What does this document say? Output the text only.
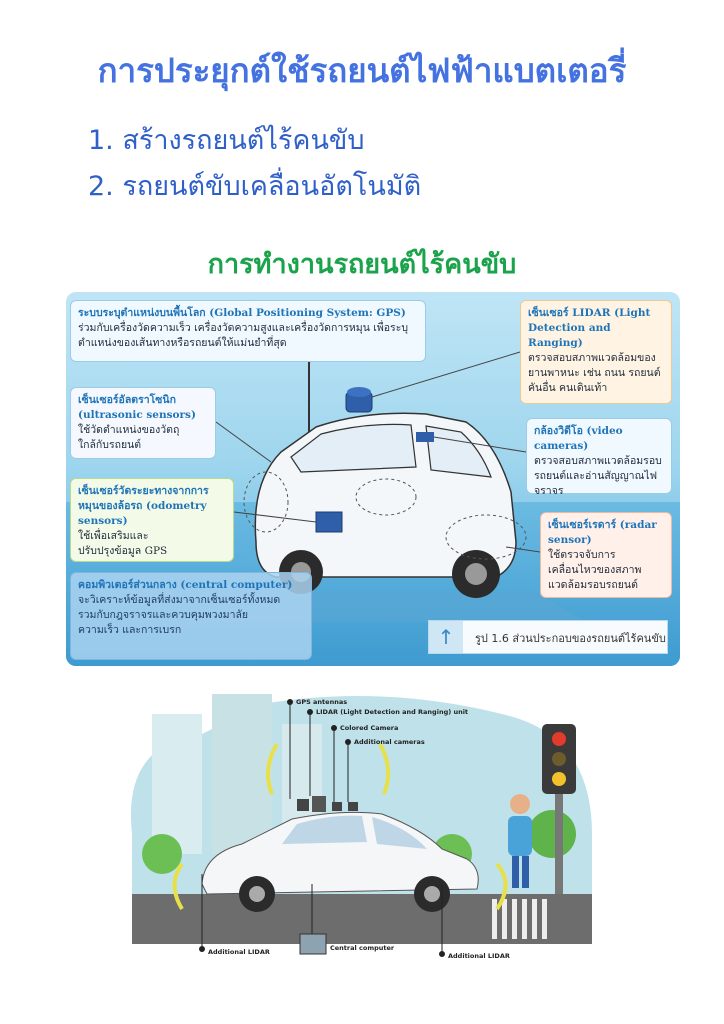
การประยุกต์ใช้รถยนต์ไฟฟ้าแบตเตอรี่
1. สร้างรถยนต์ไร้คนขับ
2. รถยนต์ขับเคลื่อนอัตโนมัติ
การทำงานรถยนต์ไร้คนขับ
ระบบระบุตำแหน่งบนพื้นโลก (Global Positioning System: GPS)
ร่วมกับเครื่องวัดความเร็ว เครื่องวัดความสูงและเครื่องวัดการหมุน เพื่อระบุ
ตำแหน่งของเส้นทางหรือรถยนต์ให้แม่นยำที่สุด
เซ็นเซอร์อัลตราโซนิก (ultrasonic sensors)
ใช้วัดตำแหน่งของวัตถุ
ใกล้กับรถยนต์
เซ็นเซอร์วัดระยะทางจากการหมุนของล้อรถ (odometry sensors)
ใช้เพื่อเสริมและ
ปรับปรุงข้อมูล GPS
คอมพิวเตอร์ส่วนกลาง (central computer)
จะวิเคราะห์ข้อมูลที่ส่งมาจากเซ็นเซอร์ทั้งหมด
รวมกับกฎจราจรและควบคุมพวงมาลัย
ความเร็ว และการเบรก
เซ็นเซอร์ LIDAR (Light Detection and Ranging)
ตรวจสอบสภาพแวดล้อมของ
ยานพาหนะ เช่น ถนน รถยนต์
คันอื่น คนเดินเท้า
กล้องวิดีโอ (video cameras)
ตรวจสอบสภาพแวดล้อมรอบ
รถยนต์และอ่านสัญญาณไฟ
จราจร
เซ็นเซอร์เรดาร์ (radar sensor)
ใช้ตรวจจับการ
เคลื่อนไหวของสภาพ
แวดล้อมรอบรถยนต์
↑	รูป 1.6 ส่วนประกอบของรถยนต์ไร้คนขับ
GPS antennas
LIDAR (Light Detection and Ranging) unit
Colored Camera
Additional cameras
Central computer
Additional LIDAR	Additional LIDAR
